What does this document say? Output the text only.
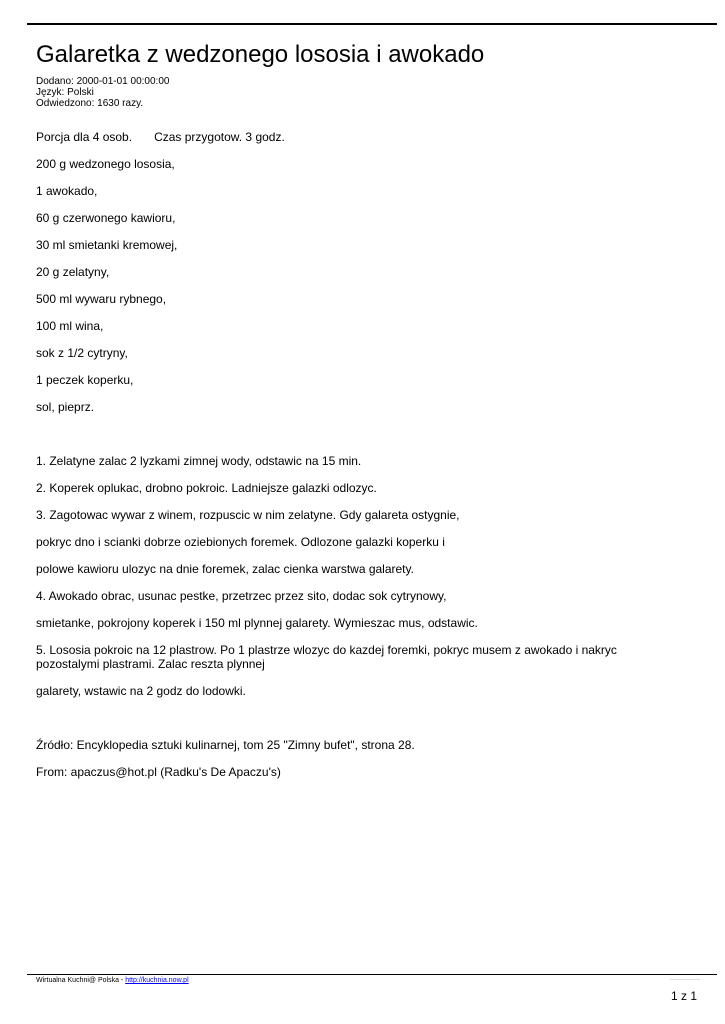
Galaretka z wedzonego lososia i awokado
Dodano: 2000-01-01 00:00:00
Język: Polski
Odwiedzono: 1630 razy.
Porcja dla 4 osob. Czas przygotow. 3 godz.
200 g wedzonego lososia,
1 awokado,
60 g czerwonego kawioru,
30 ml smietanki kremowej,
20 g zelatyny,
500 ml wywaru rybnego,
100 ml wina,
sok z 1/2 cytryny,
1 peczek koperku,
sol, pieprz.
1. Zelatyne zalac 2 lyzkami zimnej wody, odstawic na 15 min.
2. Koperek oplukac, drobno pokroic. Ladniejsze galazki odlozyc.
3. Zagotowac wywar z winem, rozpuscic w nim zelatyne. Gdy galareta ostygnie,
pokryc dno i scianki dobrze oziebionych foremek. Odlozone galazki koperku i
polowe kawioru ulozyc na dnie foremek, zalac cienka warstwa galarety.
4. Awokado obrac, usunac pestke, przetrzec przez sito, dodac sok cytrynowy,
smietanke, pokrojony koperek i 150 ml plynnej galarety. Wymieszac mus, odstawic.
5. Lososia pokroic na 12 plastrow. Po 1 plastrze wlozyc do kazdej foremki, pokryc musem z awokado i nakryc pozostalymi plastrami. Zalac reszta plynnej
galarety, wstawic na 2 godz do lodowki.
Źródło: Encyklopedia sztuki kulinarnej, tom 25 "Zimny bufet", strona 28.
From: apaczus@hot.pl (Radku's De Apaczu's)
Wirtualna Kuchni@ Polska - http://kuchnia.now.pl
1 z 1
